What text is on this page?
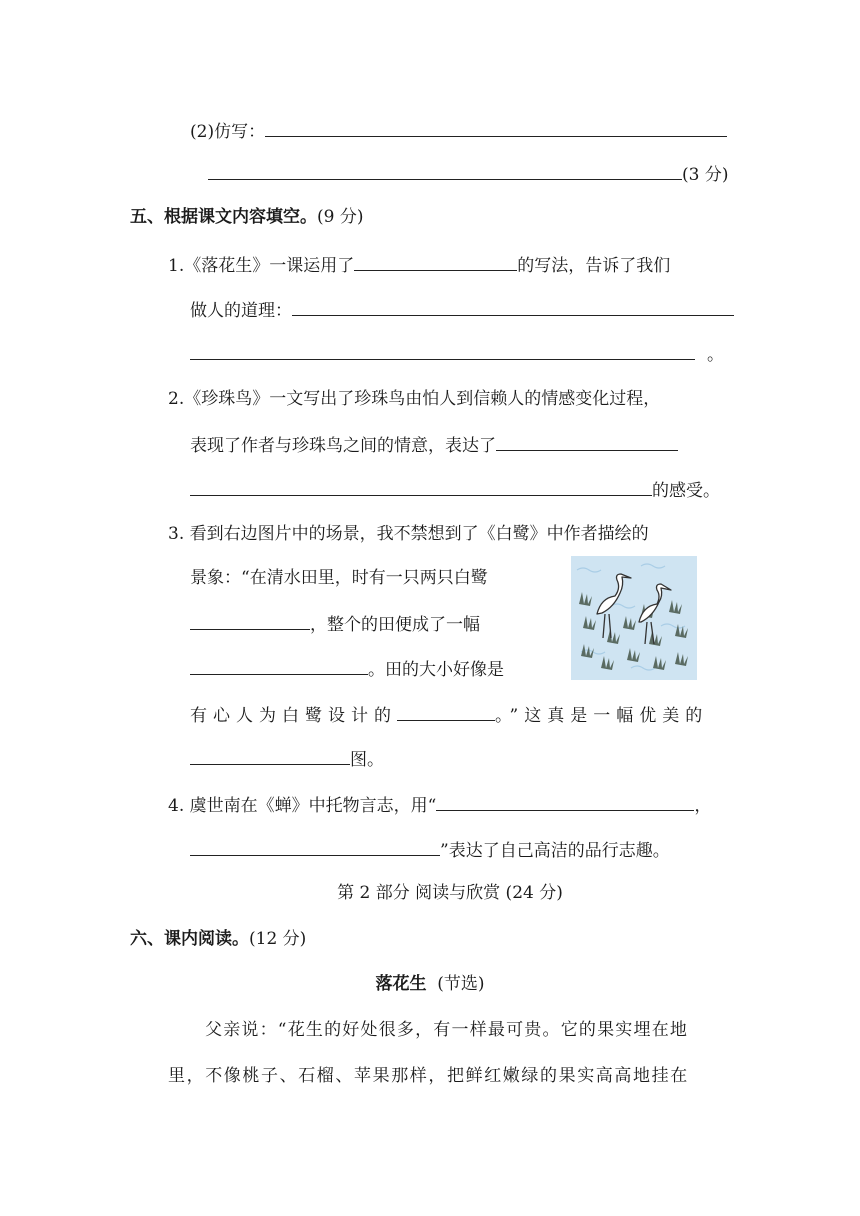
(2)仿写：
(3 分)
五、根据课文内容填空。(9 分)
1.《落花生》一课运用了	的写法，告诉了我们
做人的道理：
。
2.《珍珠鸟》一文写出了珍珠鸟由怕人到信赖人的情感变化过程，
表现了作者与珍珠鸟之间的情意，表达了
的感受。
3. 看到右边图片中的场景，我不禁想到了《白鹭》中作者描绘的
景象：“在清水田里，时有一只两只白鹭
，整个的田便成了一幅
。田的大小好像是
有心人为白鹭设计的	。”这真是一幅优美的
图。
4. 虞世南在《蝉》中托物言志，用“	，
”表达了自己高洁的品行志趣。
第 2 部分 阅读与欣赏 (24 分)
六、课内阅读。(12 分)
落花生 (节选)
父亲说：“花生的好处很多，有一样最可贵。它的果实埋在地
里，不像桃子、石榴、苹果那样，把鲜红嫩绿的果实高高地挂在
